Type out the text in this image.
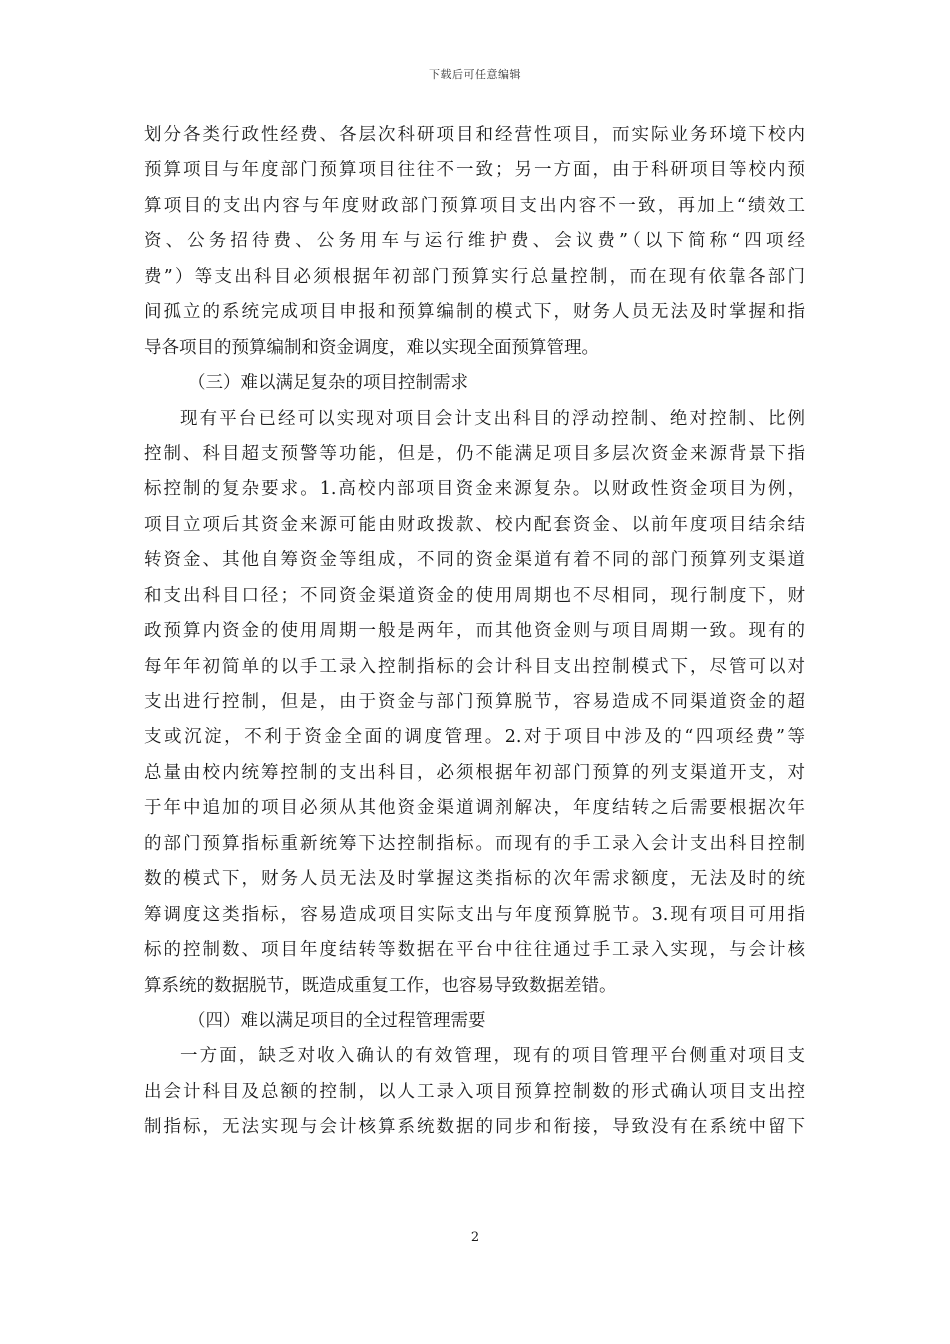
下载后可任意编辑
划分各类行政性经费、各层次科研项目和经营性项目，而实际业务环境下校内
预算项目与年度部门预算项目往往不一致；另一方面，由于科研项目等校内预
算项目的支出内容与年度财政部门预算项目支出内容不一致，再加上“绩效工
资、公务招待费、公务用车与运行维护费、会议费”（以下简称“四项经
费”）等支出科目必须根据年初部门预算实行总量控制，而在现有依靠各部门
间孤立的系统完成项目申报和预算编制的模式下，财务人员无法及时掌握和指
导各项目的预算编制和资金调度，难以实现全面预算管理。
（三）难以满足复杂的项目控制需求
现有平台已经可以实现对项目会计支出科目的浮动控制、绝对控制、比例
控制、科目超支预警等功能，但是，仍不能满足项目多层次资金来源背景下指
标控制的复杂要求。1.高校内部项目资金来源复杂。以财政性资金项目为例，
项目立项后其资金来源可能由财政拨款、校内配套资金、以前年度项目结余结
转资金、其他自筹资金等组成，不同的资金渠道有着不同的部门预算列支渠道
和支出科目口径；不同资金渠道资金的使用周期也不尽相同，现行制度下，财
政预算内资金的使用周期一般是两年，而其他资金则与项目周期一致。现有的
每年年初简单的以手工录入控制指标的会计科目支出控制模式下，尽管可以对
支出进行控制，但是，由于资金与部门预算脱节，容易造成不同渠道资金的超
支或沉淀，不利于资金全面的调度管理。2.对于项目中涉及的“四项经费”等
总量由校内统筹控制的支出科目，必须根据年初部门预算的列支渠道开支，对
于年中追加的项目必须从其他资金渠道调剂解决，年度结转之后需要根据次年
的部门预算指标重新统筹下达控制指标。而现有的手工录入会计支出科目控制
数的模式下，财务人员无法及时掌握这类指标的次年需求额度，无法及时的统
筹调度这类指标，容易造成项目实际支出与年度预算脱节。3.现有项目可用指
标的控制数、项目年度结转等数据在平台中往往通过手工录入实现，与会计核
算系统的数据脱节，既造成重复工作，也容易导致数据差错。
（四）难以满足项目的全过程管理需要
一方面，缺乏对收入确认的有效管理，现有的项目管理平台侧重对项目支
出会计科目及总额的控制，以人工录入项目预算控制数的形式确认项目支出控
制指标，无法实现与会计核算系统数据的同步和衔接，导致没有在系统中留下
2
